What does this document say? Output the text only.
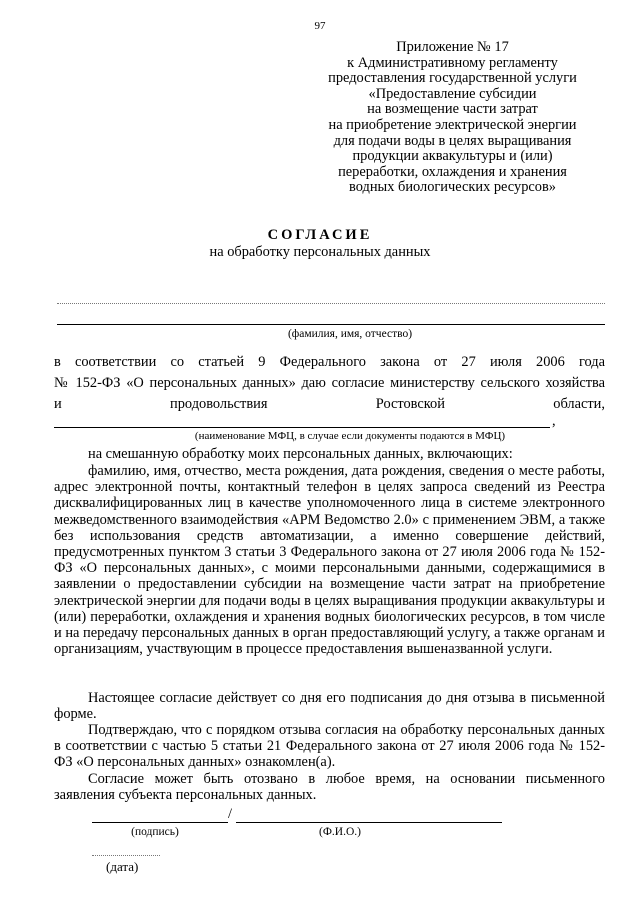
97
Приложение № 17
к Административному регламенту
предоставления государственной услуги
«Предоставление субсидии
на возмещение части затрат
на приобретение электрической энергии
для подачи воды в целях выращивания
продукции аквакультуры и (или)
переработки, охлаждения и хранения
водных биологических ресурсов»
СОГЛАСИЕ
на обработку персональных данных
(фамилия, имя, отчество)
в соответствии со статьей 9 Федерального закона от 27 июля 2006 года
№ 152-ФЗ «О персональных данных» даю согласие министерству сельского хозяйства
и	продовольствия	Ростовской	области,
,
(наименование МФЦ, в случае если документы подаются в МФЦ)
на смешанную обработку моих персональных данных, включающих:
фамилию, имя, отчество, места рождения, дата рождения, сведения о месте работы, адрес электронной почты, контактный телефон в целях запроса сведений из Реестра дисквалифицированных лиц в качестве уполномоченного лица в системе электронного межведомственного взаимодействия «АРМ Ведомство 2.0» с применением ЭВМ, а также без использования средств автоматизации, а именно совершение действий, предусмотренных пунктом 3 статьи 3 Федерального закона от 27 июля 2006 года № 152-ФЗ «О персональных данных», с моими персональными данными, содержащимися в заявлении о предоставлении субсидии на возмещение части затрат на приобретение электрической энергии для подачи воды в целях выращивания продукции аквакультуры и (или) переработки, охлаждения и хранения водных биологических ресурсов, в том числе и на передачу персональных данных в орган предоставляющий услугу, а также органам и организациям, участвующим в процессе предоставления вышеназванной услуги.
Настоящее согласие действует со дня его подписания до дня отзыва в письменной форме.
Подтверждаю, что с порядком отзыва согласия на обработку персональных данных в соответствии с частью 5 статьи 21 Федерального закона от 27 июля 2006 года № 152-ФЗ «О персональных данных» ознакомлен(а).
Согласие может быть отозвано в любое время, на основании письменного заявления субъекта персональных данных.
/
(подпись)	(Ф.И.О.)
(дата)
